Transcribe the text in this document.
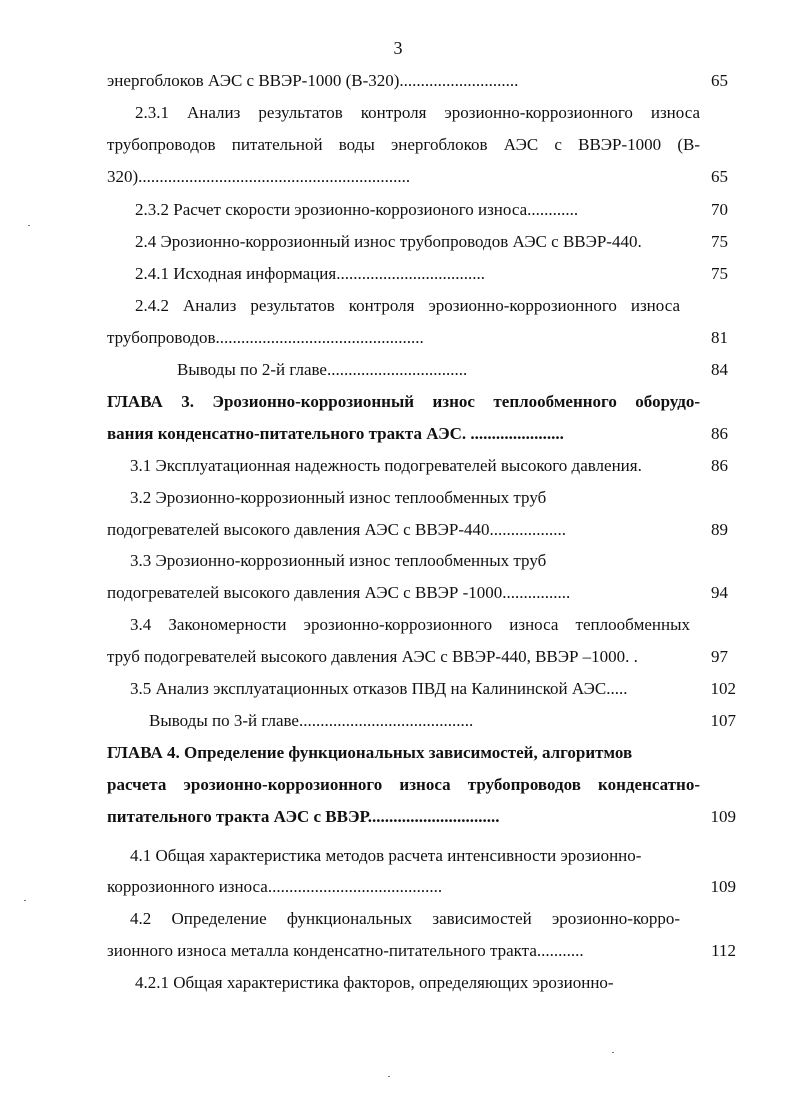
3
энергоблоков АЭС с ВВЭР-1000 (В-320)............................	65
2.3.1 Анализ результатов контроля эрозионно-коррозионного износа
трубопроводов питательной воды энергоблоков АЭС с ВВЭР-1000 (В-
320)................................................................	65
2.3.2 Расчет скорости эрозионно-коррозионого износа............	70
2.4 Эрозионно-коррозионный износ трубопроводов АЭС с ВВЭР-440.	75
2.4.1 Исходная информация...................................	75
2.4.2 Анализ результатов контроля эрозионно-коррозионного износа
трубопроводов.................................................	81
Выводы по 2-й главе.................................	84
ГЛАВА 3. Эрозионно-коррозионный износ теплообменного оборудо-
вания конденсатно-питательного тракта АЭС. ......................	86
3.1 Эксплуатационная надежность подогревателей высокого давления.	86
3.2 Эрозионно-коррозионный износ теплообменных труб
подогревателей высокого давления АЭС с ВВЭР-440..................	89
3.3 Эрозионно-коррозионный износ теплообменных труб
подогревателей высокого давления АЭС с ВВЭР -1000................	94
3.4 Закономерности эрозионно-коррозионного износа теплообменных
труб подогревателей высокого давления АЭС с ВВЭР-440, ВВЭР –1000. .	97
3.5 Анализ эксплуатационных отказов ПВД на Калининской АЭС.....	102
Выводы по 3-й главе.........................................	107
ГЛАВА 4. Определение функциональных зависимостей, алгоритмов
расчета эрозионно-коррозионного износа трубопроводов конденсатно-
питательного тракта АЭС с ВВЭР...............................	109
4.1 Общая характеристика методов расчета интенсивности эрозионно-
коррозионного износа.........................................	109
4.2 Определение функциональных зависимостей эрозионно-корро-
зионного износа металла конденсатно-питательного тракта...........	112
4.2.1 Общая характеристика факторов, определяющих эрозионно-
